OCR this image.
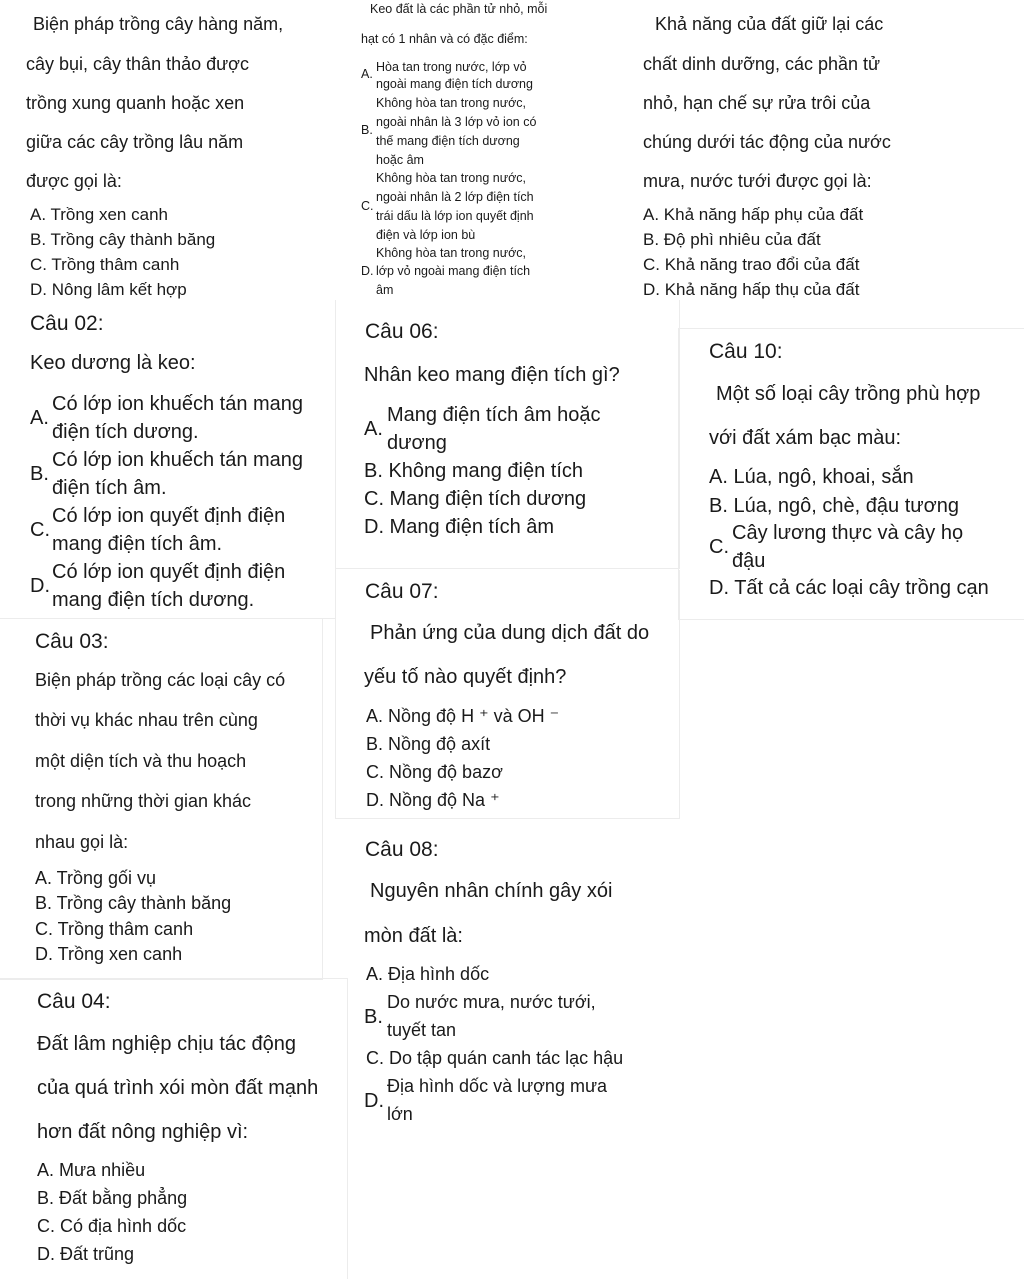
Biện pháp trồng cây hàng năm,
cây bụi, cây thân thảo được
trồng xung quanh hoặc xen
giữa các cây trồng lâu năm
được gọi là:
A. Trồng xen canh
B. Trồng cây thành băng
C. Trồng thâm canh
D. Nông lâm kết hợp
Keo đất là các phần tử nhỏ, mỗi
hạt có 1 nhân và có đặc điểm:
A. Hòa tan trong nước, lớp vỏ
ngoài mang điện tích dương
B.
Không hòa tan trong nước,
ngoài nhân là 3 lớp vỏ ion có
thế mang điện tích dương
hoặc âm
C.
Không hòa tan trong nước,
ngoài nhân là 2 lớp điện tích
trái dấu là lớp ion quyết định
điện và lớp ion bù
D.
Không hòa tan trong nước,
lớp vỏ ngoài mang điện tích
âm
Khả năng của đất giữ lại các
chất dinh dưỡng, các phần tử
nhỏ, hạn chế sự rửa trôi của
chúng dưới tác động của nước
mưa, nước tưới được gọi là:
A. Khả năng hấp phụ của đất
B. Độ phì nhiêu của đất
C. Khả năng trao đổi của đất
D. Khả năng hấp thụ của đất
Câu 02:
Keo dương là keo:
A.
Có lớp ion khuếch tán mang
điện tích dương.
B.
Có lớp ion khuếch tán mang
điện tích âm.
C.
Có lớp ion quyết định điện
mang điện tích âm.
D.
Có lớp ion quyết định điện
mang điện tích dương.
Câu 06:
Nhân keo mang điện tích gì?
A.
Mang điện tích âm hoặc
dương
B. Không mang điện tích
C. Mang điện tích dương
D. Mang điện tích âm
Câu 10:
Một số loại cây trồng phù hợp
với đất xám bạc màu:
A. Lúa, ngô, khoai, sắn
B. Lúa, ngô, chè, đậu tương
C.
Cây lương thực và cây họ
đậu
D. Tất cả các loại cây trồng cạn
Câu 07:
Phản ứng của dung dịch đất do
yếu tố nào quyết định?
A. Nồng độ H ⁺ và OH ⁻
B. Nồng độ axít
C. Nồng độ bazơ
D. Nồng độ Na ⁺
Câu 03:
Biện pháp trồng các loại cây có
thời vụ khác nhau trên cùng
một diện tích và thu hoạch
trong những thời gian khác
nhau gọi là:
A. Trồng gối vụ
B. Trồng cây thành băng
C. Trồng thâm canh
D. Trồng xen canh
Câu 08:
Nguyên nhân chính gây xói
mòn đất là:
A. Địa hình dốc
B.
Do nước mưa, nước tưới,
tuyết tan
C. Do tập quán canh tác lạc hậu
D.
Địa hình dốc và lượng mưa
lớn
Câu 04:
Đất lâm nghiệp chịu tác động
của quá trình xói mòn đất mạnh
hơn đất nông nghiệp vì:
A. Mưa nhiều
B. Đất bằng phẳng
C. Có địa hình dốc
D. Đất trũng
